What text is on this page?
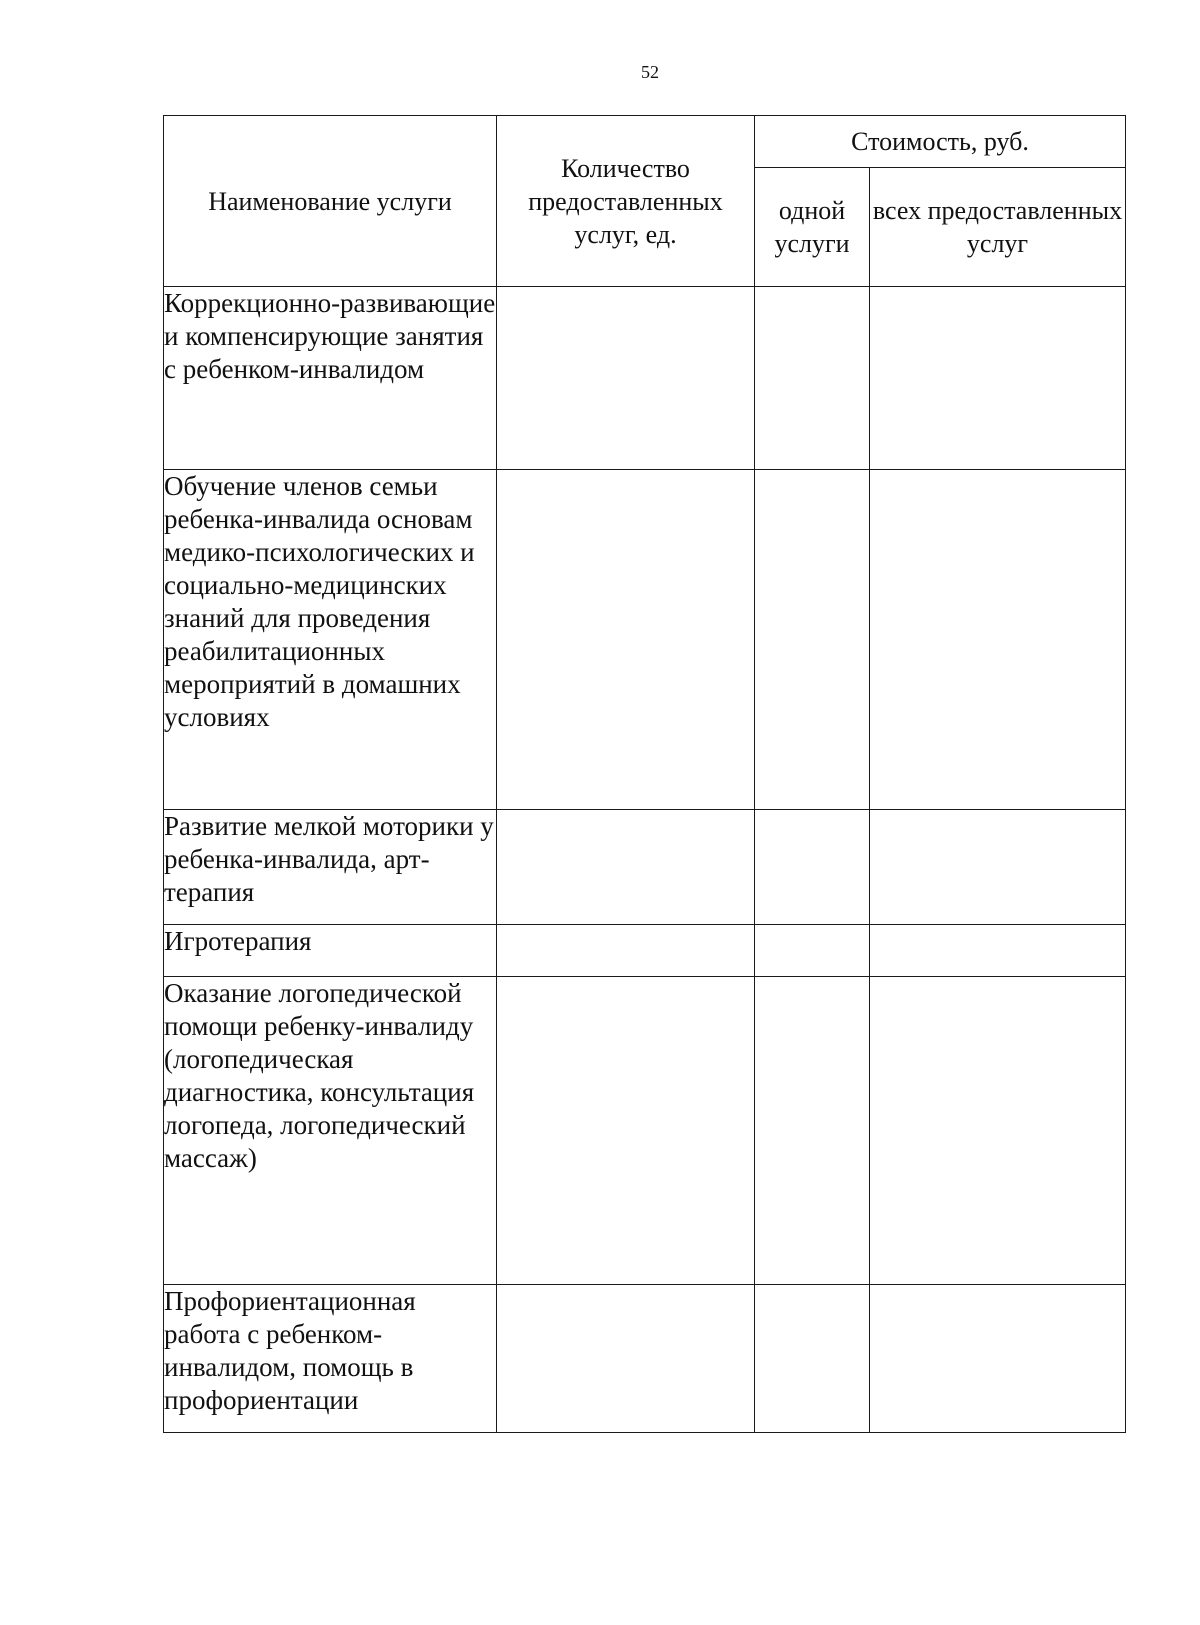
52
Наименование услуги	Количество предоставленных услуг, ед.	Стоимость, руб.	
		одной услуги	всех предоставленных услуг
Коррекционно-развивающие и компенсирующие занятия с ребенком-инвалидом			
Обучение членов семьи ребенка-инвалида основам медико-психологических и социально-медицинских знаний для проведения реабилитационных мероприятий в домашних условиях			
Развитие мелкой моторики у ребенка-инвалида, арт-терапия			
Игротерапия			
Оказание логопедической помощи ребенку-инвалиду (логопедическая диагностика, консультация логопеда, логопедический массаж)			
Профориентационная работа с ребенком-инвалидом, помощь в профориентации			
